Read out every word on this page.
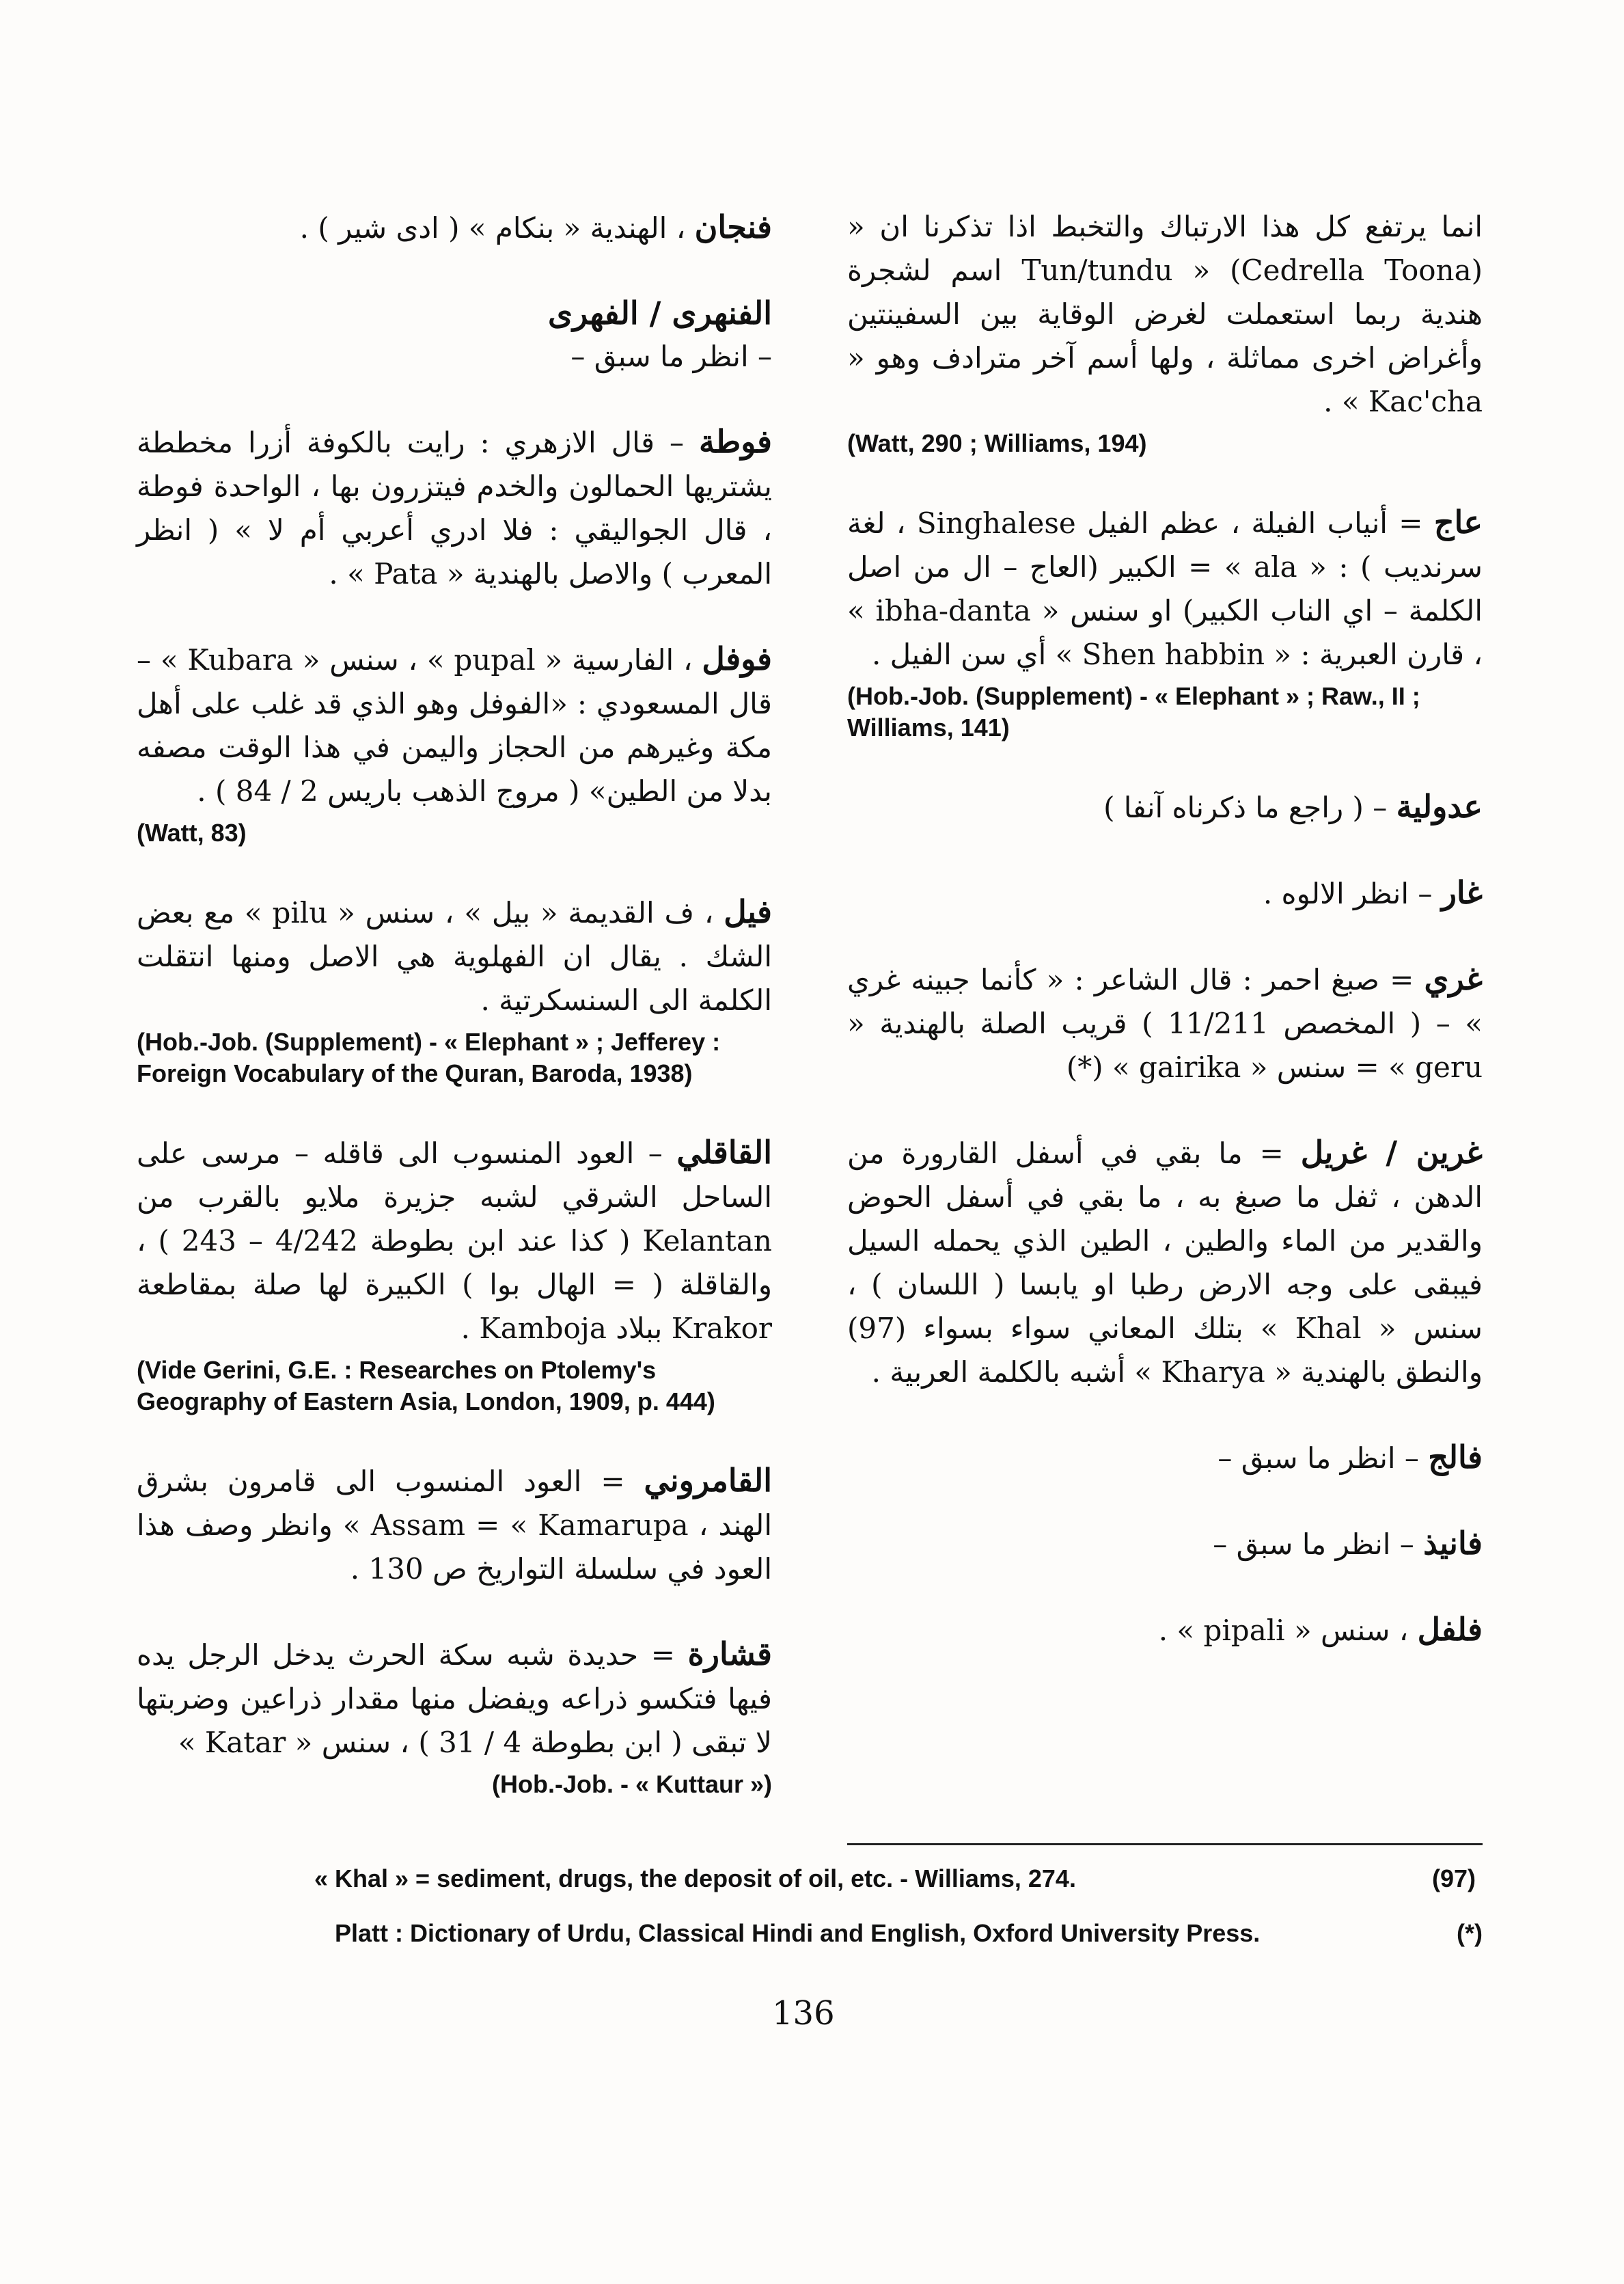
انما يرتفع كل هذا الارتباك والتخبط اذا تذكرنا ان « Tun/tundu » (Cedrella Toona) اسم لشجرة هندية ربما استعملت لغرض الوقاية بين السفينتين وأغراض اخرى مماثلة ، ولها أسم آخر مترادف وهو « Kac'cha » .
(Watt, 290 ; Williams, 194)
عاج = أنياب الفيلة ، عظم الفيل Singhalese ، لغة سرنديب ) : « ala » = الكبير (العاج – ال من اصل الكلمة – اي الناب الكبير) او سنس « ibha-danta » ، قارن العبرية : « Shen habbin » أي سن الفيل .
(Hob.-Job. (Supplement) - « Elephant » ; Raw., II ; Williams, 141)
عدولية – ( راجع ما ذكرناه آنفا )
غار – انظر الالوه .
غري = صبغ احمر : قال الشاعر : « كأنما جبينه غري » – ( المخصص 11/211 ) قريب الصلة بالهندية « geru » = سنس « gairika » (*)
غرين / غريل = ما بقي في أسفل القارورة من الدهن ، ثفل ما صبغ به ، ما بقي في أسفل الحوض والقدير من الماء والطين ، الطين الذي يحمله السيل فيبقى على وجه الارض رطبا او يابسا ( اللسان ) ، سنس « Khal » بتلك المعاني سواء بسواء (97) والنطق بالهندية « Kharya » أشبه بالكلمة العربية .
فالج – انظر ما سبق –
فانيذ – انظر ما سبق –
فلفل ، سنس « pipali » .
فنجان ، الهندية « بنكام » ( ادى شير ) .
الفنهرى / الفهرى
– انظر ما سبق –
فوطة – قال الازهري : رايت بالكوفة أزرا مخططة يشتريها الحمالون والخدم فيتزرون بها ، الواحدة فوطة ، قال الجواليقي : فلا ادري أعربي أم لا » ( انظر المعرب ) والاصل بالهندية « Pata » .
فوفل ، الفارسية « pupal » ، سنس « Kubara » – قال المسعودي : «الفوفل وهو الذي قد غلب على أهل مكة وغيرهم من الحجاز واليمن في هذا الوقت مصفه بدلا من الطين» ( مروج الذهب باريس 2 / 84 ) .
(Watt, 83)
فيل ، ف القديمة « بيل » ، سنس « pilu » مع بعض الشك . يقال ان الفهلوية هي الاصل ومنها انتقلت الكلمة الى السنسكرتية .
(Hob.-Job. (Supplement) - « Elephant » ; Jefferey : Foreign Vocabulary of the Quran, Baroda, 1938)
القاقلي – العود المنسوب الى قاقله – مرسى على الساحل الشرقي لشبه جزيرة ملايو بالقرب من Kelantan ( كذا عند ابن بطوطة 4/242 – 243 ) ، والقاقلة ( = الهال بوا ) الكبيرة لها صلة بمقاطعة Krakor ببلاد Kamboja .
(Vide Gerini, G.E. : Researches on Ptolemy's Geography of Eastern Asia, London, 1909, p. 444)
القامروني = العود المنسوب الى قامرون بشرق الهند ، Assam = « Kamarupa » وانظر وصف هذا العود في سلسلة التواريخ ص 130 .
قشارة = حديدة شبه سكة الحرث يدخل الرجل يده فيها فتكسو ذراعه ويفضل منها مقدار ذراعين وضربتها لا تبقى ( ابن بطوطة 4 / 31 ) ، سنس « Katar »
(Hob.-Job. - « Kuttaur »)
« Khal » = sediment, drugs, the deposit of oil, etc. - Williams, 274.	(97)
Platt : Dictionary of Urdu, Classical Hindi and English, Oxford University Press.	(*)
136
